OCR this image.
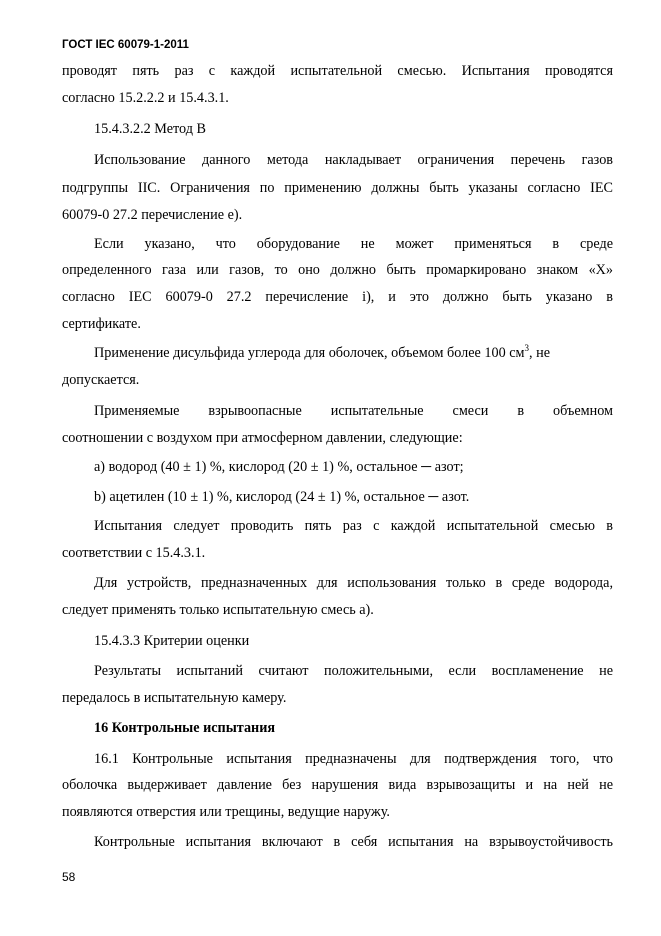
ГОСТ IEC 60079-1-2011
проводят пять раз с каждой испытательной смесью. Испытания проводятся
согласно 15.2.2.2 и 15.4.3.1.
15.4.3.2.2 Метод B
Использование данного метода накладывает ограничения перечень газов
подгруппы IIC. Ограничения по применению должны быть указаны согласно IEC
60079-0 27.2 перечисление e).
Если указано, что оборудование не может применяться в среде
определенного газа или газов, то оно должно быть промаркировано знаком «X»
согласно IEC 60079-0 27.2 перечисление i), и это должно быть указано в
сертификате.
Применение дисульфида углерода для оболочек, объемом более 100 $см^3$, не
допускается.
Применяемые взрывоопасные испытательные смеси в объемном
соотношении с воздухом при атмосферном давлении, следующие:
a) водород (40 ± 1) %, кислород (20 ± 1) %, остальное ─ азот;
b) ацетилен (10 ± 1) %, кислород (24 ± 1) %, остальное ─ азот.
Испытания следует проводить пять раз с каждой испытательной смесью в
соответствии с 15.4.3.1.
Для устройств, предназначенных для использования только в среде водорода,
следует применять только испытательную смесь a).
15.4.3.3 Критерии оценки
Результаты испытаний считают положительными, если воспламенение не
передалось в испытательную камеру.
16 Контрольные испытания
16.1 Контрольные испытания предназначены для подтверждения того, что
оболочка выдерживает давление без нарушения вида взрывозащиты и на ней не
появляются отверстия или трещины, ведущие наружу.
Контрольные испытания включают в себя испытания на взрывоустойчивость
58
